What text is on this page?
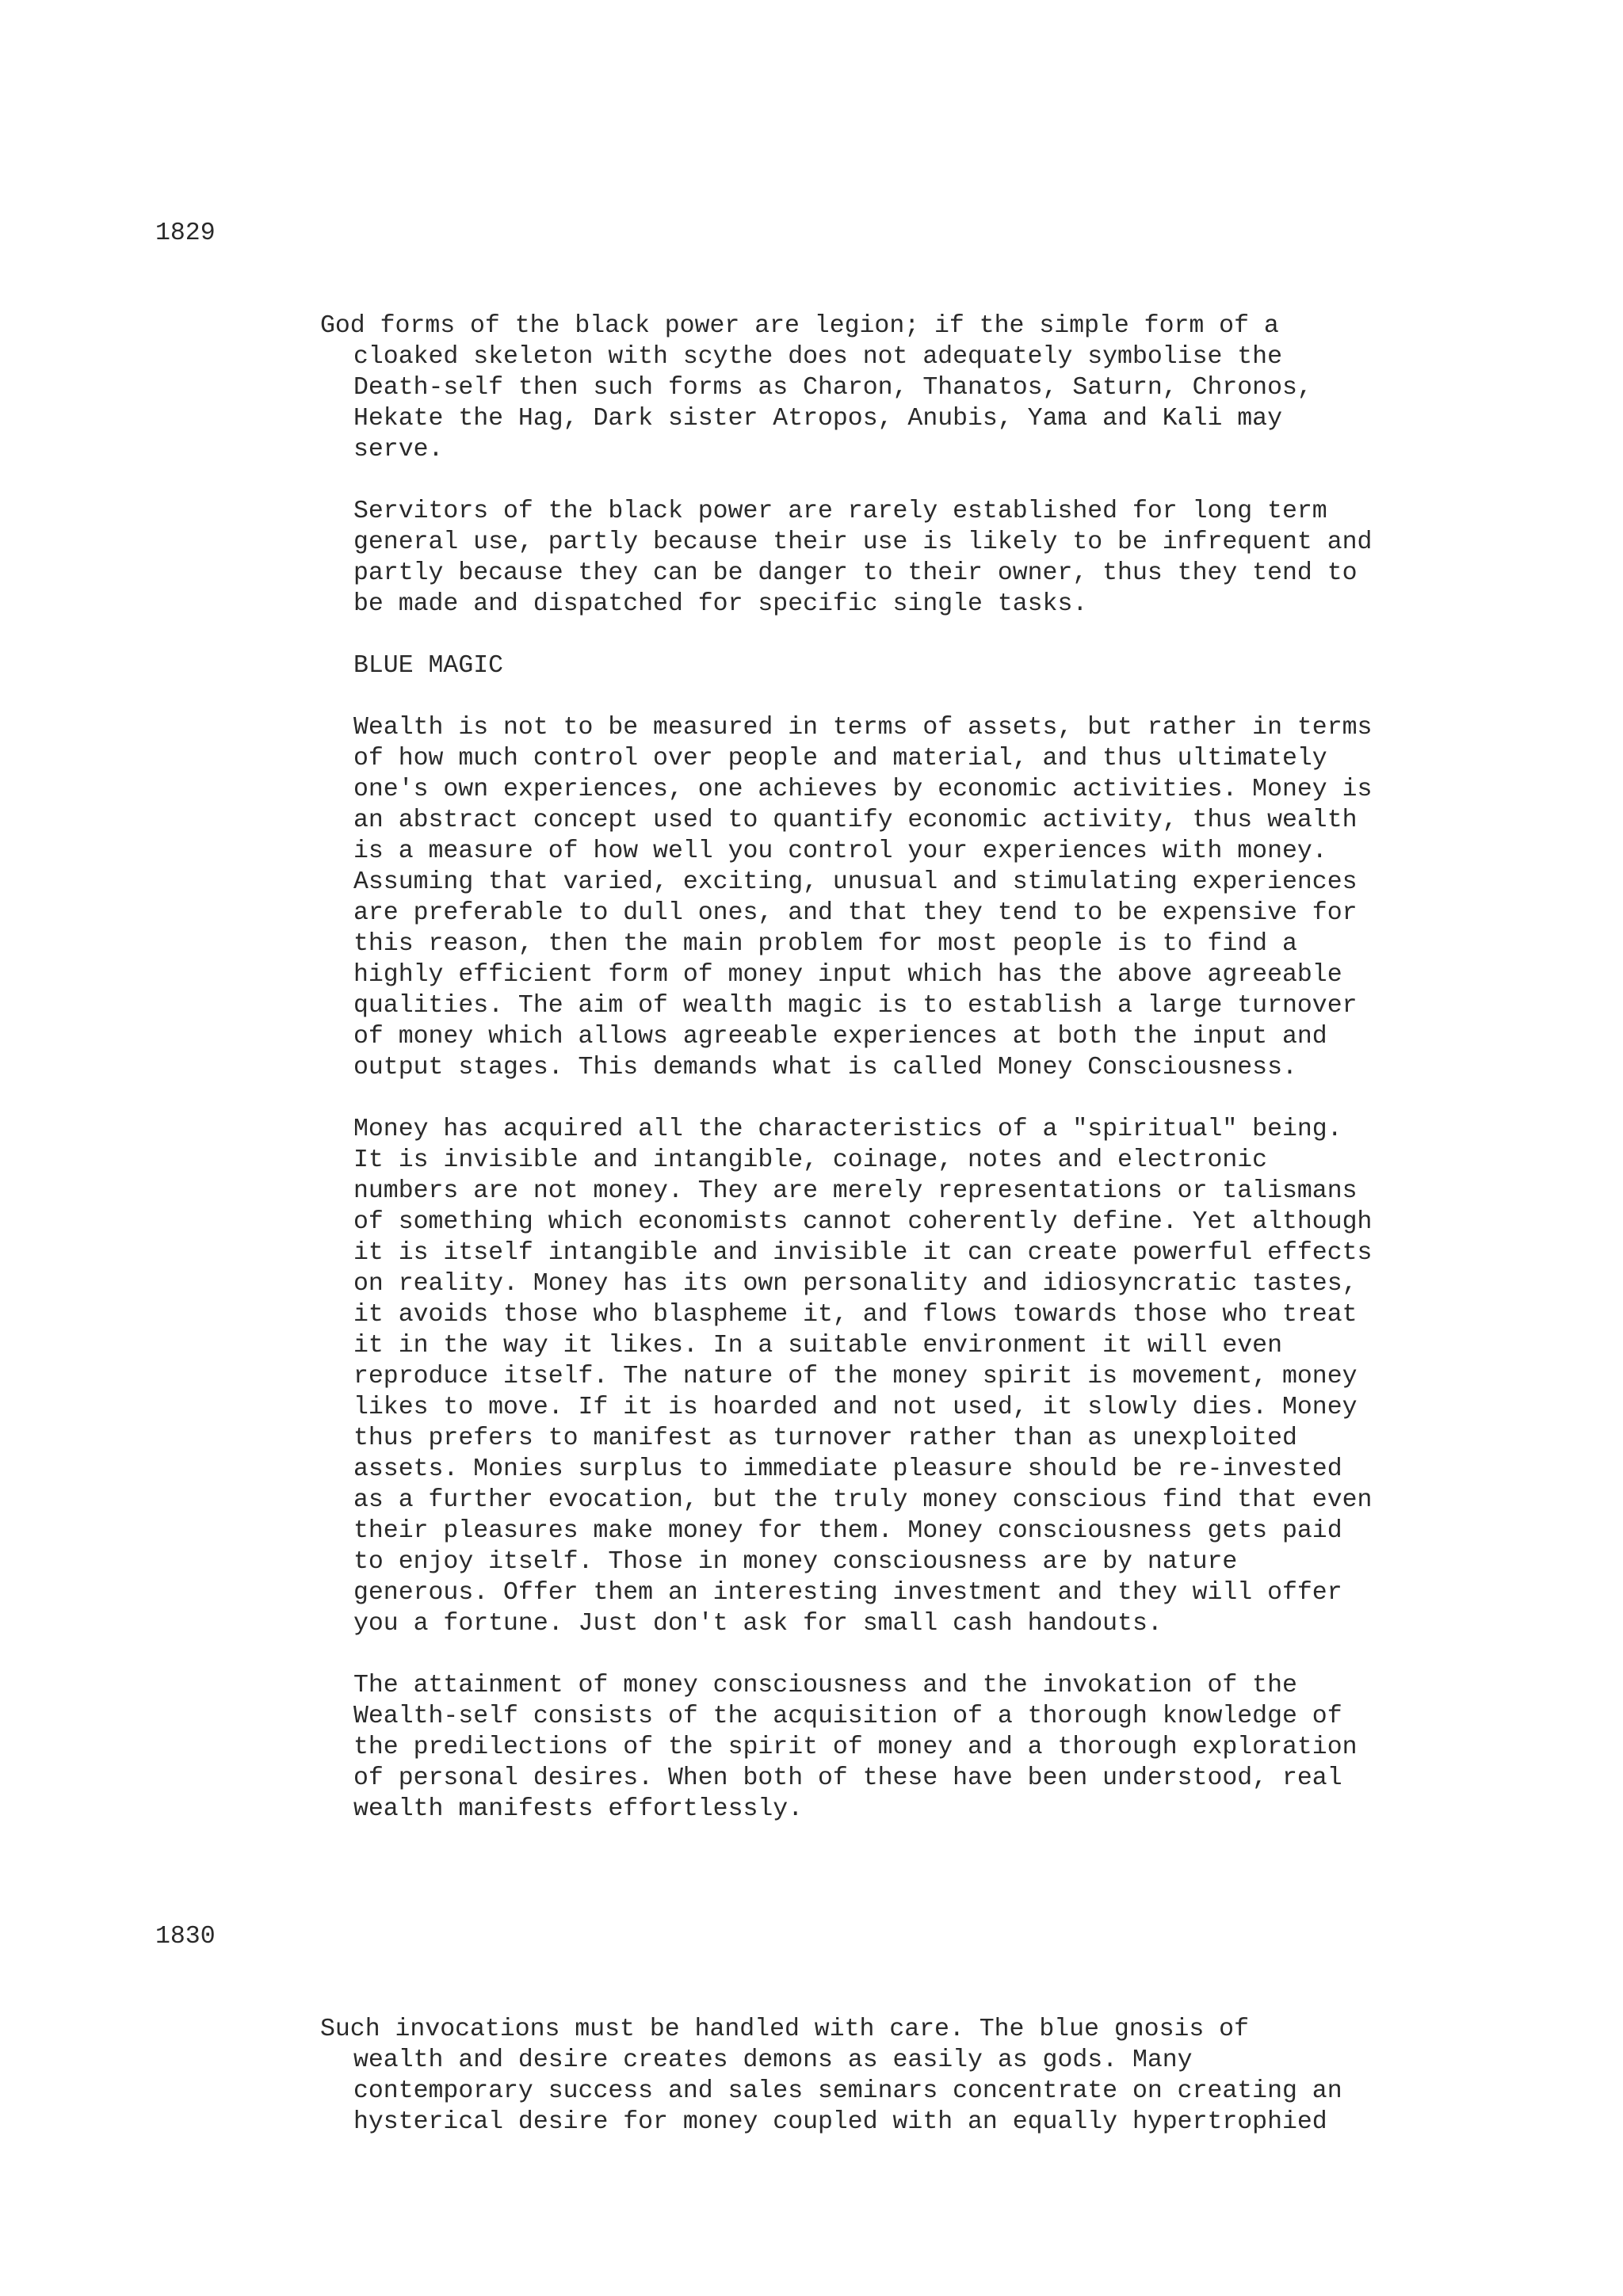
1829

God forms of the black power are legion; if the simple form of a
cloaked skeleton with scythe does not adequately symbolise the
Death-self then such forms as Charon, Thanatos, Saturn, Chronos,
Hekate the Hag, Dark sister Atropos, Anubis, Yama and Kali may
serve.

Servitors of the black power are rarely established for long term
general use, partly because their use is likely to be infrequent and
partly because they can be danger to their owner, thus they tend to
be made and dispatched for specific single tasks.

BLUE MAGIC

Wealth is not to be measured in terms of assets, but rather in terms
of how much control over people and material, and thus ultimately
one's own experiences, one achieves by economic activities. Money is
an abstract concept used to quantify economic activity, thus wealth
is a measure of how well you control your experiences with money.
Assuming that varied, exciting, unusual and stimulating experiences
are preferable to dull ones, and that they tend to be expensive for
this reason, then the main problem for most people is to find a
highly efficient form of money input which has the above agreeable
qualities. The aim of wealth magic is to establish a large turnover
of money which allows agreeable experiences at both the input and
output stages. This demands what is called Money Consciousness.

Money has acquired all the characteristics of a "spiritual" being.
It is invisible and intangible, coinage, notes and electronic
numbers are not money. They are merely representations or talismans
of something which economists cannot coherently define. Yet although
it is itself intangible and invisible it can create powerful effects
on reality. Money has its own personality and idiosyncratic tastes,
it avoids those who blaspheme it, and flows towards those who treat
it in the way it likes. In a suitable environment it will even
reproduce itself. The nature of the money spirit is movement, money
likes to move. If it is hoarded and not used, it slowly dies. Money
thus prefers to manifest as turnover rather than as unexploited
assets. Monies surplus to immediate pleasure should be re-invested
as a further evocation, but the truly money conscious find that even
their pleasures make money for them. Money consciousness gets paid
to enjoy itself. Those in money consciousness are by nature
generous. Offer them an interesting investment and they will offer
you a fortune. Just don't ask for small cash handouts.

The attainment of money consciousness and the invokation of the
Wealth-self consists of the acquisition of a thorough knowledge of
the predilections of the spirit of money and a thorough exploration
of personal desires. When both of these have been understood, real
wealth manifests effortlessly.

1830

Such invocations must be handled with care. The blue gnosis of
wealth and desire creates demons as easily as gods. Many
contemporary success and sales seminars concentrate on creating an
hysterical desire for money coupled with an equally hypertrophied
